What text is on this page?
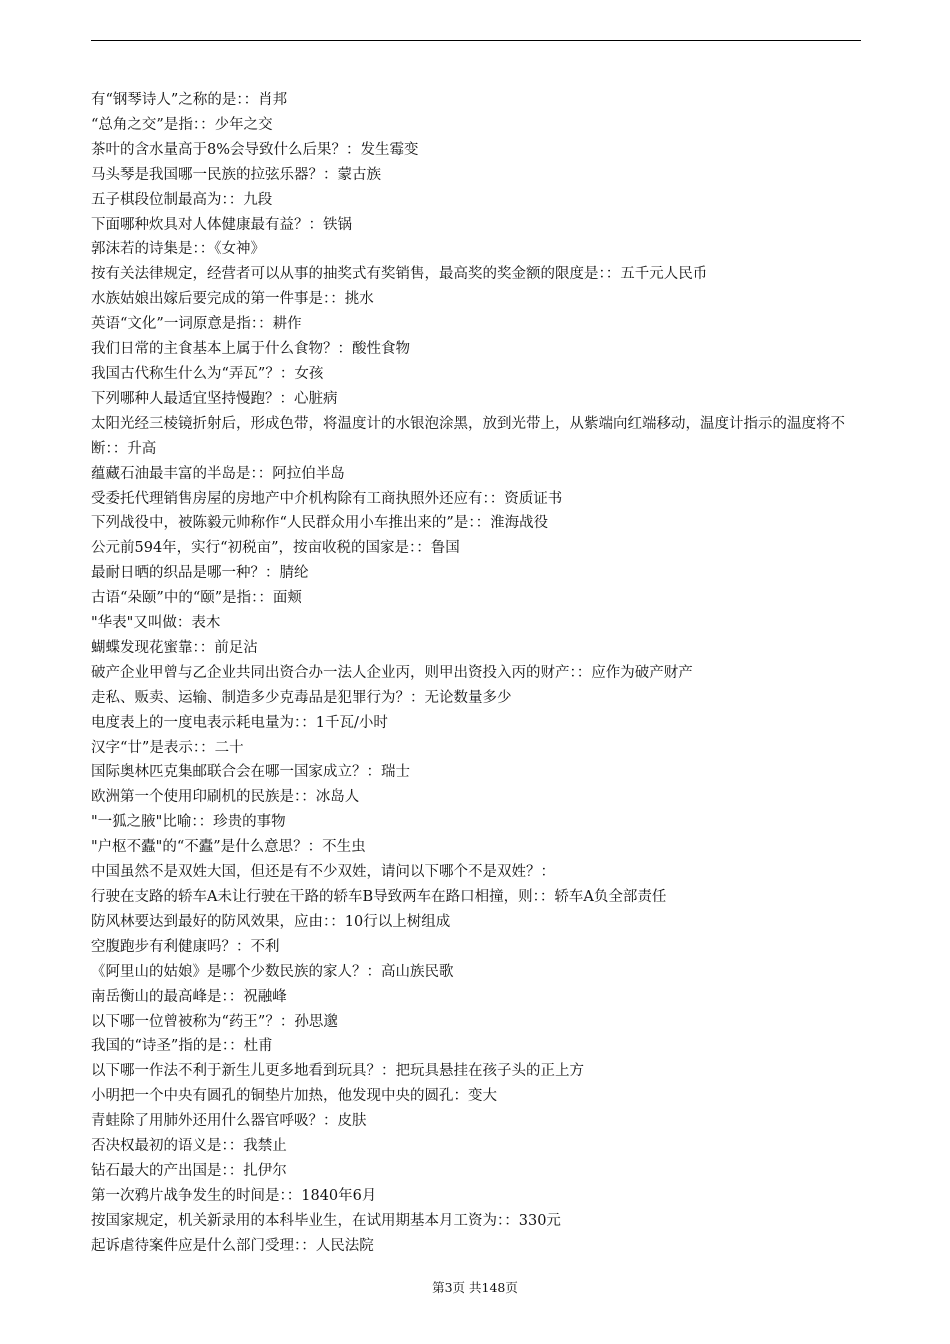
有“钢琴诗人”之称的是：：肖邦
“总角之交”是指：：少年之交
茶叶的含水量高于8%会导致什么后果？：发生霉变
马头琴是我国哪一民族的拉弦乐器？：蒙古族
五子棋段位制最高为：：九段
下面哪种炊具对人体健康最有益？：铁锅
郭沫若的诗集是：：《女神》
按有关法律规定，经营者可以从事的抽奖式有奖销售，最高奖的奖金额的限度是：：五千元人民币
水族姑娘出嫁后要完成的第一件事是：：挑水
英语“文化”一词原意是指：：耕作
我们日常的主食基本上属于什么食物？：酸性食物
我国古代称生什么为“弄瓦”？：女孩
下列哪种人最适宜坚持慢跑？：心脏病
太阳光经三棱镜折射后，形成色带，将温度计的水银泡涂黑，放到光带上，从紫端向红端移动，温度计指示的温度将不断：：升高
蕴藏石油最丰富的半岛是：：阿拉伯半岛
受委托代理销售房屋的房地产中介机构除有工商执照外还应有：：资质证书
下列战役中，被陈毅元帅称作“人民群众用小车推出来的”是：：淮海战役
公元前594年，实行“初税亩”，按亩收税的国家是：：鲁国
最耐日晒的织品是哪一种？：腈纶
古语“朵颐”中的“颐”是指：：面颊
"华表"又叫做：表木
蝴蝶发现花蜜靠：：前足沾
破产企业甲曾与乙企业共同出资合办一法人企业丙，则甲出资投入丙的财产：：应作为破产财产
走私、贩卖、运输、制造多少克毒品是犯罪行为？：无论数量多少
电度表上的一度电表示耗电量为：：1千瓦/小时
汉字“廿”是表示：：二十
国际奥林匹克集邮联合会在哪一国家成立？：瑞士
欧洲第一个使用印刷机的民族是：：冰岛人
"一狐之腋"比喻：：珍贵的事物
"户枢不蠹"的“不蠹”是什么意思？：不生虫
中国虽然不是双姓大国，但还是有不少双姓，请问以下哪个不是双姓？：
行驶在支路的轿车A未让行驶在干路的轿车B导致两车在路口相撞，则：：轿车A负全部责任
防风林要达到最好的防风效果，应由：：10行以上树组成
空腹跑步有利健康吗？：不利
《阿里山的姑娘》是哪个少数民族的家人？：高山族民歌
南岳衡山的最高峰是：：祝融峰
以下哪一位曾被称为“药王”？：孙思邈
我国的“诗圣”指的是：：杜甫
以下哪一作法不利于新生儿更多地看到玩具？：把玩具悬挂在孩子头的正上方
小明把一个中央有圆孔的铜垫片加热，他发现中央的圆孔：变大
青蛙除了用肺外还用什么器官呼吸？：皮肤
否决权最初的语义是：：我禁止
钻石最大的产出国是：：扎伊尔
第一次鸦片战争发生的时间是：：1840年6月
按国家规定，机关新录用的本科毕业生，在试用期基本月工资为：：330元
起诉虐待案件应是什么部门受理：：人民法院
第3页 共148页
